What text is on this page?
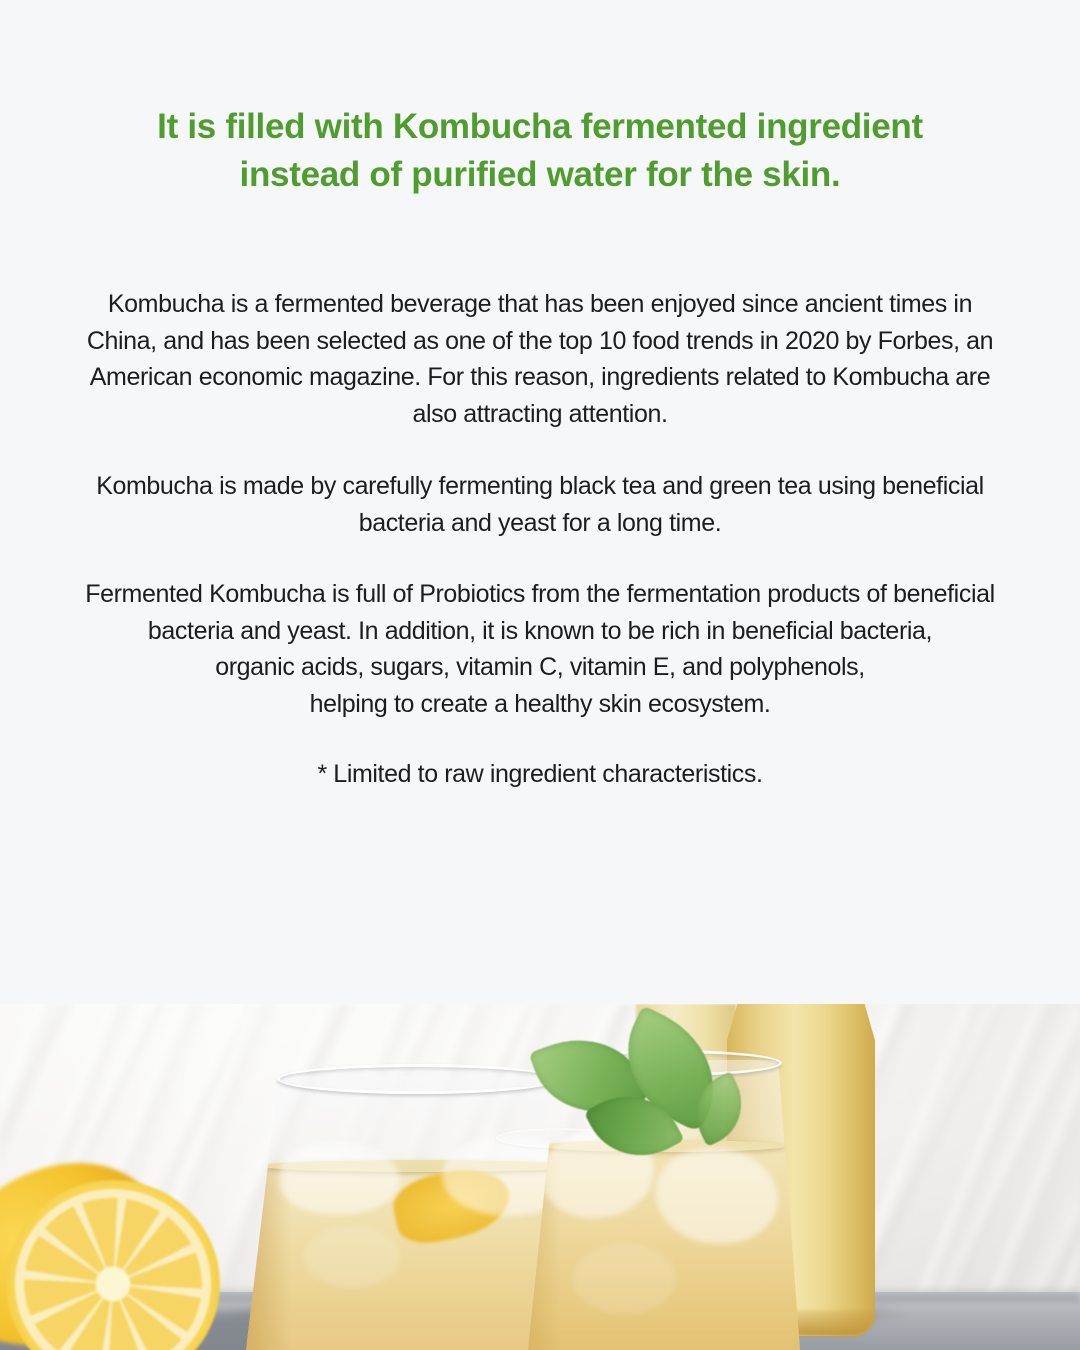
It is filled with Kombucha fermented ingredient
instead of purified water for the skin.
Kombucha is a fermented beverage that has been enjoyed since ancient times in
China, and has been selected as one of the top 10 food trends in 2020 by Forbes, an
American economic magazine. For this reason, ingredients related to Kombucha are
also attracting attention.
Kombucha is made by carefully fermenting black tea and green tea using beneficial
bacteria and yeast for a long time.
Fermented Kombucha is full of Probiotics from the fermentation products of beneficial
bacteria and yeast. In addition, it is known to be rich in beneficial bacteria,
organic acids, sugars, vitamin C, vitamin E, and polyphenols,
helping to create a healthy skin ecosystem.
* Limited to raw ingredient characteristics.
